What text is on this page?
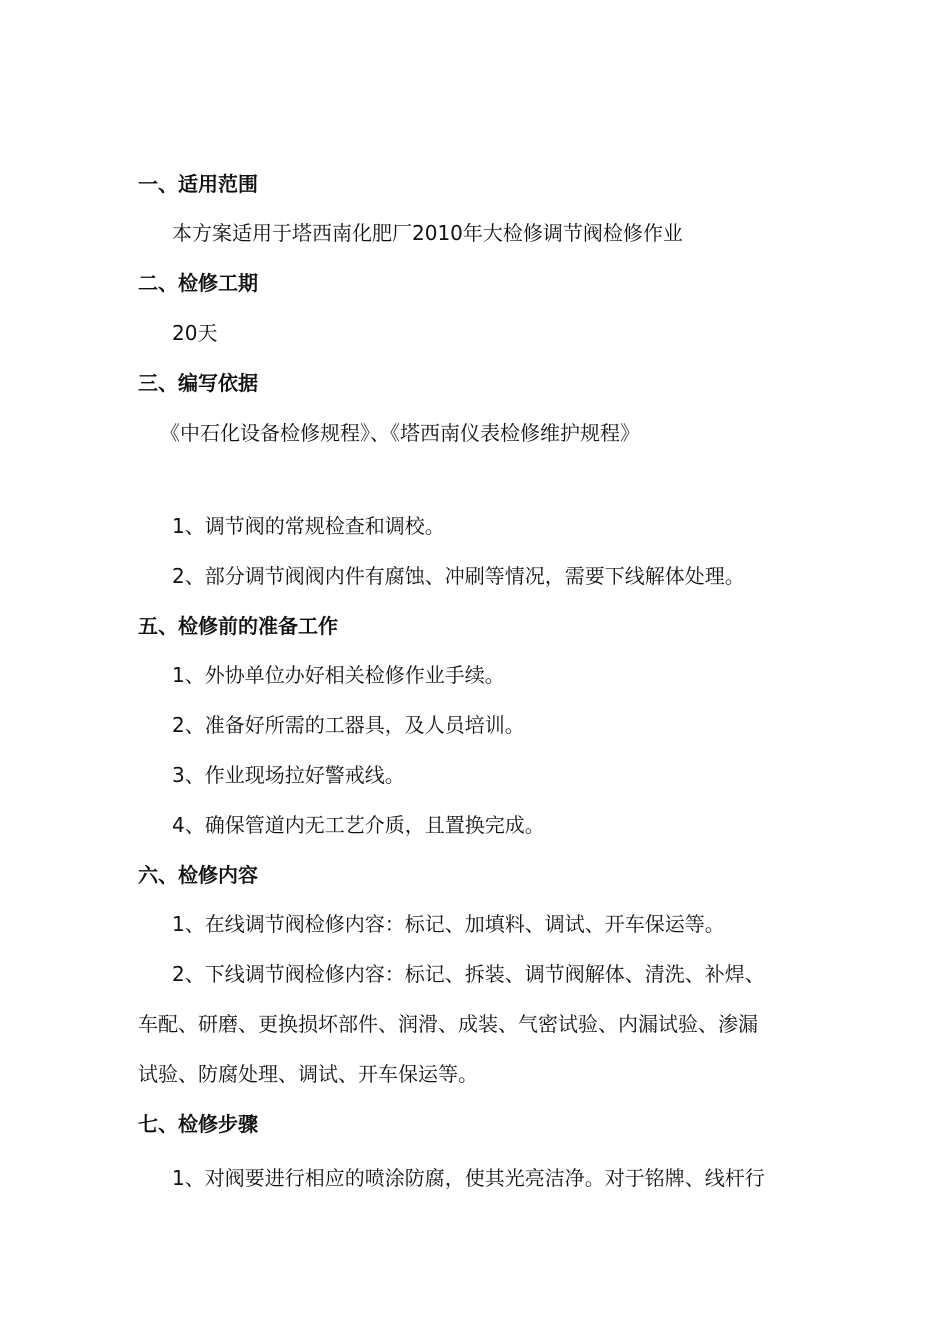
一、适用范围
本方案适用于塔西南化肥厂2010年大检修调节阀检修作业
二、检修工期
20天
三、编写依据
《中石化设备检修规程》、《塔西南仪表检修维护规程》
1、调节阀的常规检查和调校。
2、部分调节阀阀内件有腐蚀、冲刷等情况，需要下线解体处理。
五、检修前的准备工作
1、外协单位办好相关检修作业手续。
2、准备好所需的工器具，及人员培训。
3、作业现场拉好警戒线。
4、确保管道内无工艺介质，且置换完成。
六、检修内容
1、在线调节阀检修内容：标记、加填料、调试、开车保运等。
2、下线调节阀检修内容：标记、拆装、调节阀解体、清洗、补焊、
车配、研磨、更换损坏部件、润滑、成装、气密试验、内漏试验、渗漏
试验、防腐处理、调试、开车保运等。
七、检修步骤
1、对阀要进行相应的喷涂防腐，使其光亮洁净。对于铭牌、线杆行
